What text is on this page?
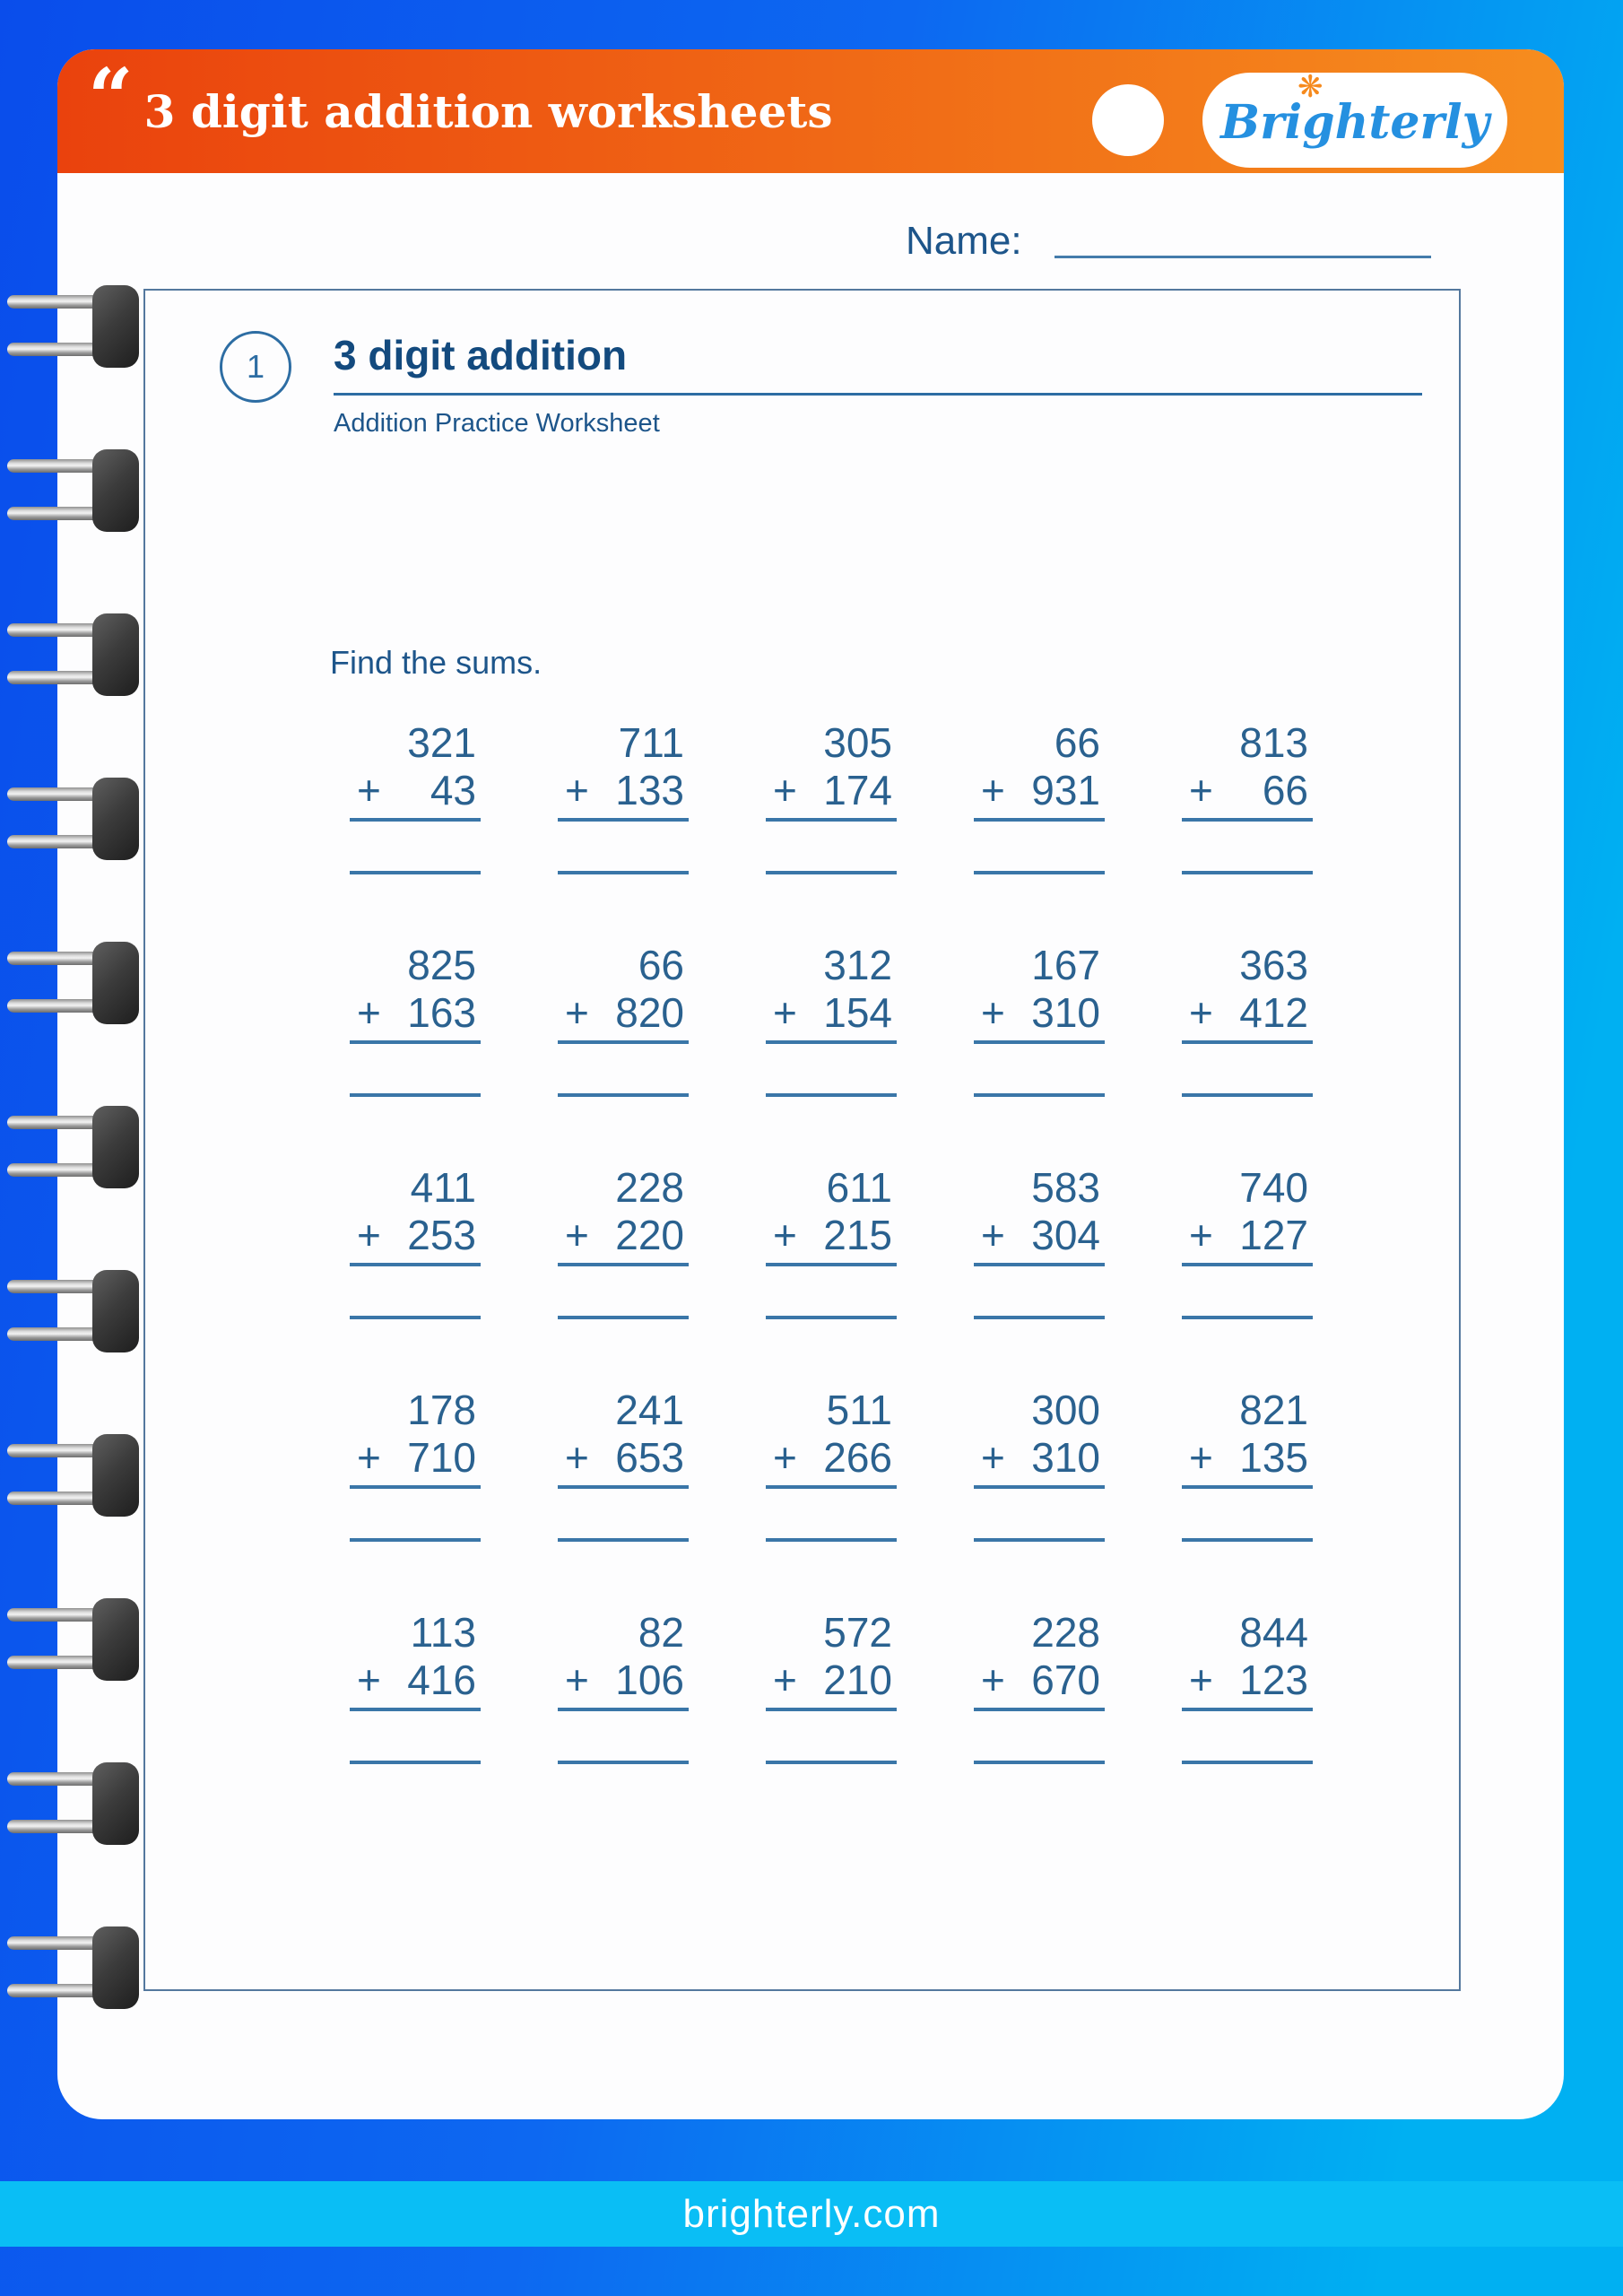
“ 3 digit addition worksheets	Brighterly
❋
Name:
1	3 digit addition
Addition Practice Worksheet
Find the sums.
321
+	43
711
+ 133
305
+ 174
66
+ 931
813
+	66
825
+ 163
66
+ 820
312
+ 154
167
+ 310
363
+ 412
411
+ 253
228
+ 220
611
+ 215
583
+ 304
740
+ 127
178
+ 710
241
+ 653
511
+ 266
300
+ 310
821
+ 135
113
+ 416
82
+ 106
572
+ 210
228
+ 670
844
+ 123
brighterly.com
